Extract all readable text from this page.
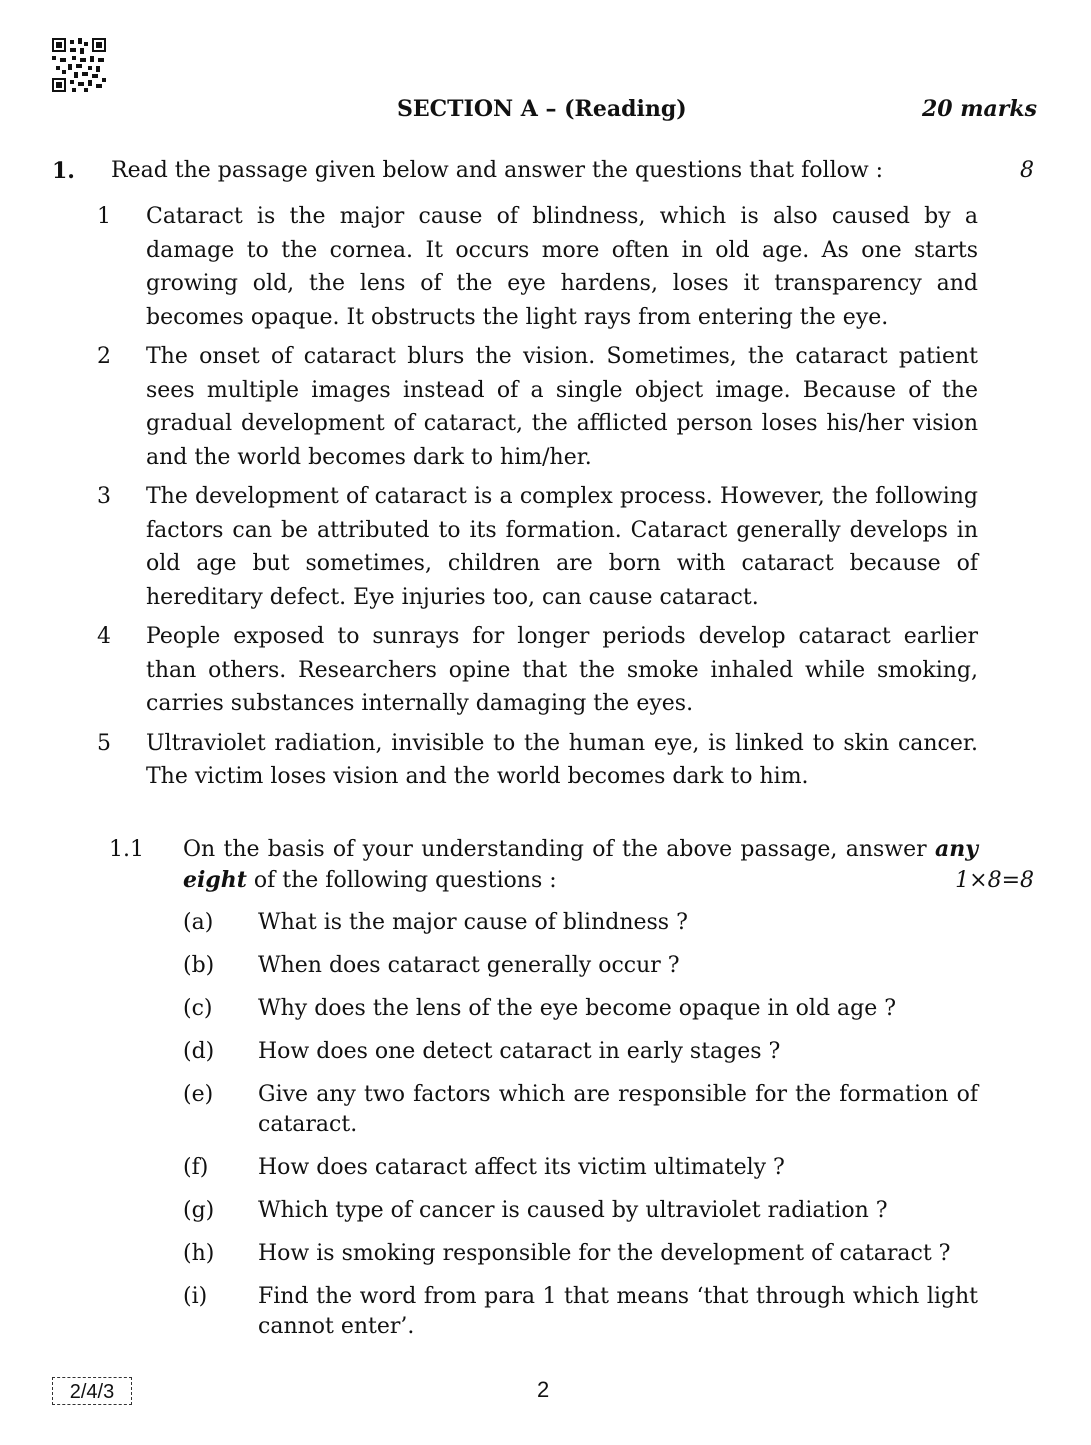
SECTION A – (Reading)	20 marks
1. Read the passage given below and answer the questions that follow :	8
1 Cataract is the major cause of blindness, which is also caused by a damage to the cornea. It occurs more often in old age. As one starts growing old, the lens of the eye hardens, loses it transparency and becomes opaque. It obstructs the light rays from entering the eye.
2 The onset of cataract blurs the vision. Sometimes, the cataract patient sees multiple images instead of a single object image. Because of the gradual development of cataract, the afflicted person loses his/her vision and the world becomes dark to him/her.
3 The development of cataract is a complex process. However, the following factors can be attributed to its formation. Cataract generally develops in old age but sometimes, children are born with cataract because of hereditary defect. Eye injuries too, can cause cataract.
4 People exposed to sunrays for longer periods develop cataract earlier than others. Researchers opine that the smoke inhaled while smoking, carries substances internally damaging the eyes.
5 Ultraviolet radiation, invisible to the human eye, is linked to skin cancer. The victim loses vision and the world becomes dark to him.
1.1 On the basis of your understanding of the above passage, answer any eight of the following questions :	1×8=8
(a) What is the major cause of blindness ?
(b) When does cataract generally occur ?
(c) Why does the lens of the eye become opaque in old age ?
(d) How does one detect cataract in early stages ?
(e) Give any two factors which are responsible for the formation of cataract.
(f) How does cataract affect its victim ultimately ?
(g) Which type of cancer is caused by ultraviolet radiation ?
(h) How is smoking responsible for the development of cataract ?
(i) Find the word from para 1 that means ‘that through which light cannot enter’.
2/4/3	2
